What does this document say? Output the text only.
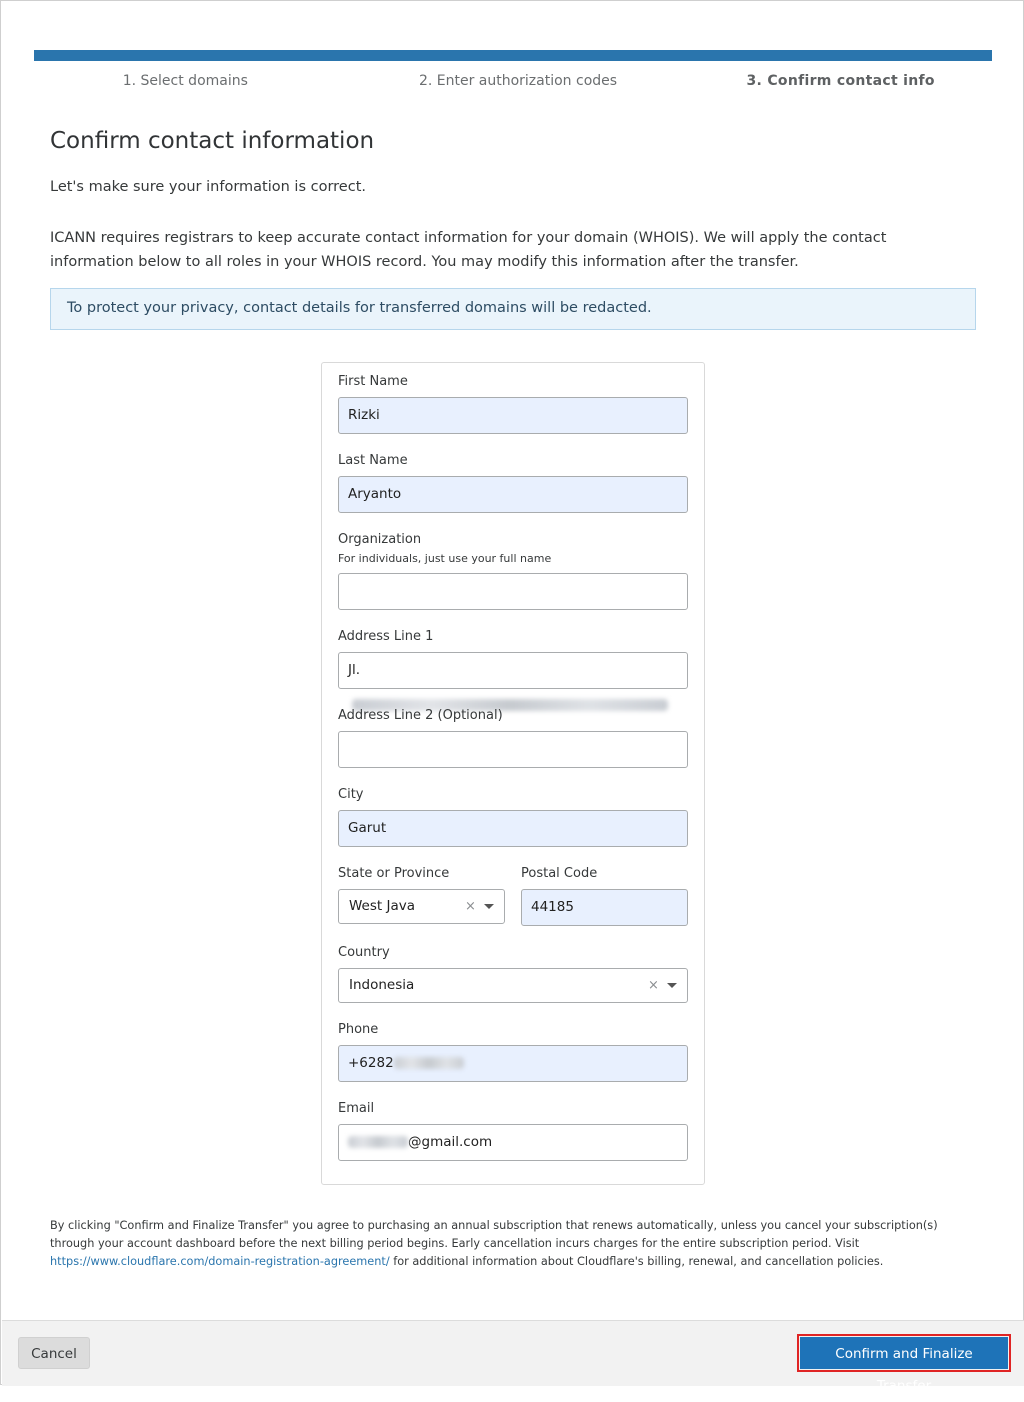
1. Select domains	2. Enter authorization codes	3. Confirm contact info
Confirm contact information

Let's make sure your information is correct.

ICANN requires registrars to keep accurate contact information for your domain (WHOIS). We will apply the contact information below to all roles in your WHOIS record. You may modify this information after the transfer.

To protect your privacy, contact details for transferred domains will be redacted.
First Name
Rizki
Last Name
Aryanto
Organization
For individuals, just use your full name
Address Line 1
Jl.
Address Line 2 (Optional)
City
Garut
State or Province
West Java	×
Postal Code
44185
Country
Indonesia	×
Phone
+6282
Email
@gmail.com

By clicking "Confirm and Finalize Transfer" you agree to purchasing an annual subscription that renews automatically, unless you cancel your subscription(s) through your account dashboard before the next billing period begins. Early cancellation incurs charges for the entire subscription period. Visit https://www.cloudflare.com/domain-registration-agreement/ for additional information about Cloudflare's billing, renewal, and cancellation policies.

Cancel	Confirm and Finalize Transfer
